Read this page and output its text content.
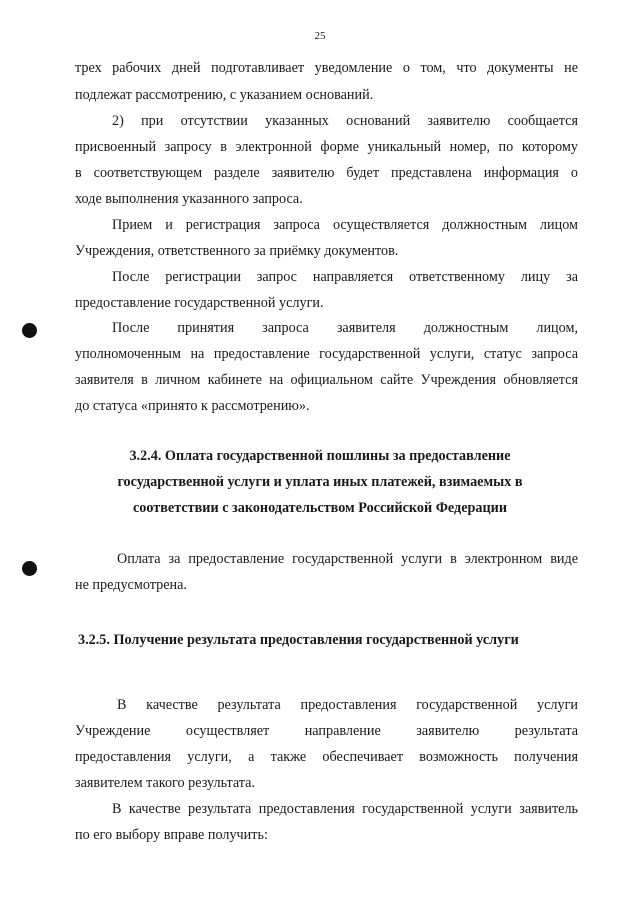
25
трех рабочих дней подготавливает уведомление о том, что документы не
подлежат рассмотрению, с указанием оснований.
2) при отсутствии указанных оснований заявителю сообщается
присвоенный запросу в электронной форме уникальный номер, по которому
в соответствующем разделе заявителю будет представлена информация о
ходе выполнения указанного запроса.
Прием и регистрация запроса осуществляется должностным лицом
Учреждения, ответственного за приёмку документов.
После регистрации запрос направляется ответственному лицу за
предоставление государственной услуги.
После принятия запроса заявителя должностным лицом,
уполномоченным на предоставление государственной услуги, статус запроса
заявителя в личном кабинете на официальном сайте Учреждения обновляется
до статуса «принято к рассмотрению».
3.2.4. Оплата государственной пошлины за предоставление
государственной услуги и уплата иных платежей, взимаемых в
соответствии с законодательством Российской Федерации
Оплата за предоставление государственной услуги в электронном виде
не предусмотрена.
3.2.5. Получение результата предоставления государственной услуги
В качестве результата предоставления государственной услуги
Учреждение осуществляет направление заявителю результата
предоставления услуги, а также обеспечивает возможность получения
заявителем такого результата.
В качестве результата предоставления государственной услуги заявитель
по его выбору вправе получить:
